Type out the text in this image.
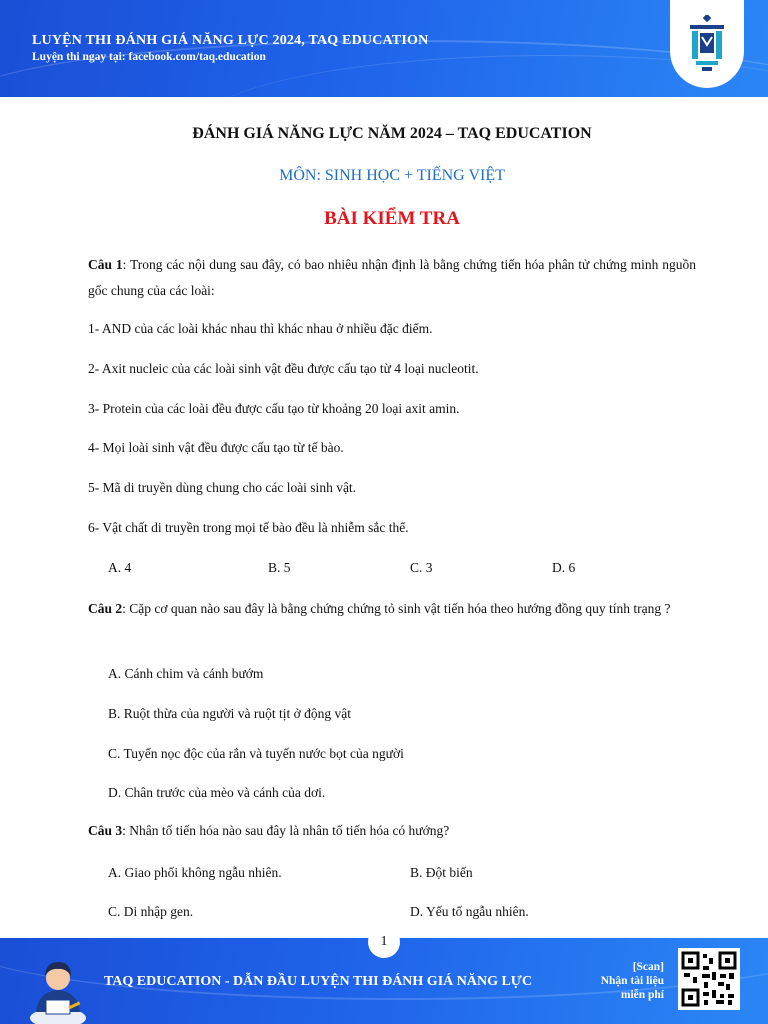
LUYỆN THI ĐÁNH GIÁ NĂNG LỰC 2024, TAQ EDUCATION
Luyện thi ngay tại: facebook.com/taq.education
ĐÁNH GIÁ NĂNG LỰC NĂM 2024 – TAQ EDUCATION
MÔN: SINH HỌC + TIẾNG VIỆT
BÀI KIỂM TRA
Câu 1: Trong các nội dung sau đây, có bao nhiêu nhận định là bằng chứng tiến hóa phân tử chứng minh nguồn gốc chung của các loài:
1- AND của các loài khác nhau thì khác nhau ở nhiều đặc điểm.
2- Axit nucleic của các loài sinh vật đều được cấu tạo từ 4 loại nucleotit.
3- Protein của các loài đều được cấu tạo từ khoảng 20 loại axit amin.
4- Mọi loài sinh vật đều được cấu tạo từ tế bào.
5- Mã di truyền dùng chung cho các loài sinh vật.
6- Vật chất di truyền trong mọi tế bào đều là nhiễm sắc thể.
A. 4	B. 5	C. 3	D. 6
Câu 2: Cặp cơ quan nào sau đây là bằng chứng chứng tỏ sinh vật tiến hóa theo hướng đồng quy tính trạng ?
A. Cánh chim và cánh bướm
B. Ruột thừa của người và ruột tịt ở động vật
C. Tuyến nọc độc của rắn và tuyến nước bọt của người
D. Chân trước của mèo và cánh của dơi.
Câu 3: Nhân tố tiến hóa nào sau đây là nhân tố tiến hóa có hướng?
A. Giao phối không ngẫu nhiên.	B. Đột biến
C. Di nhập gen.	D. Yếu tố ngẫu nhiên.
1
TAQ EDUCATION - DẪN ĐẦU LUYỆN THI ĐÁNH GIÁ NĂNG LỰC
[Scan]
Nhận tài liệu
miễn phí
